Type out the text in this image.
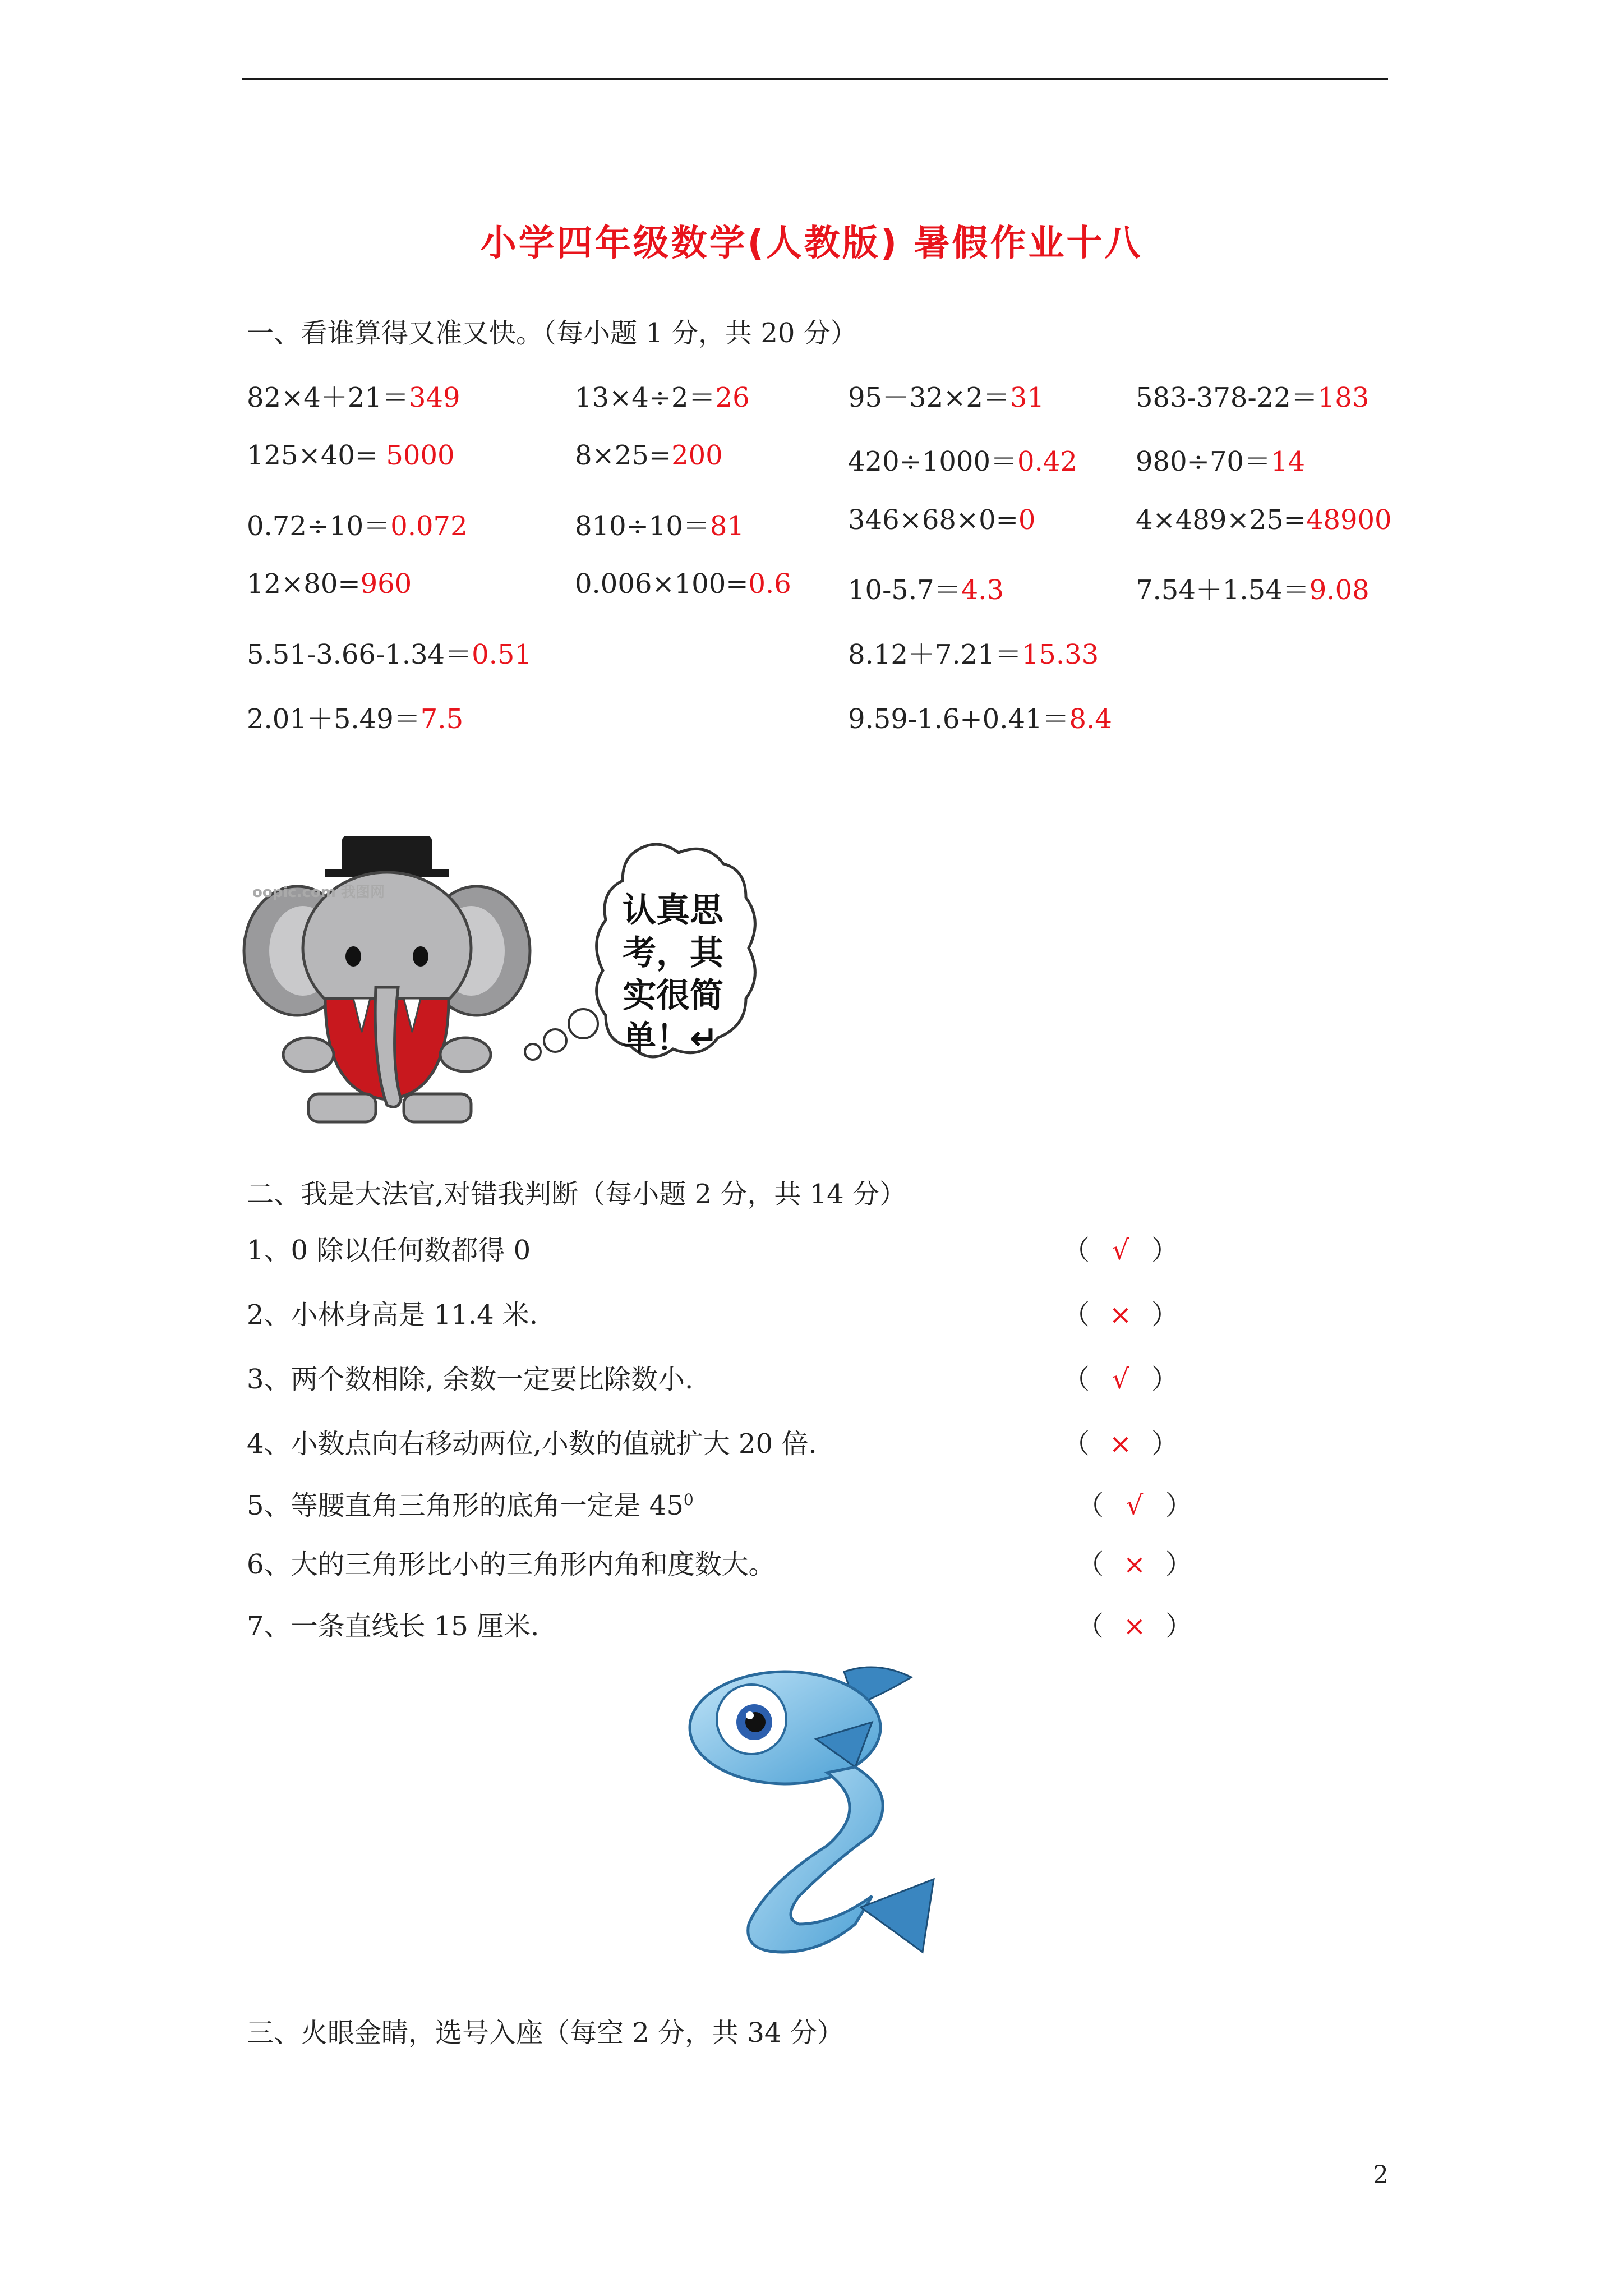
小学四年级数学(人教版) 暑假作业十八
一、看谁算得又准又快。（每小题 1 分，共 20 分）
82×4＋21＝349	13×4÷2＝26	95－32×2＝31	583-378-22＝183
125×40= 5000	8×25=200	420÷1000＝0.42 980÷70＝14
0.72÷10＝0.072	810÷10＝81	346×68×0=0	4×489×25=48900
12×80=960	0.006×100=0.6 10-5.7＝4.3	7.54＋1.54＝9.08
5.51-3.66-1.34＝0.51	8.12＋7.21＝15.33
2.01＋5.49＝7.5	9.59-1.6+0.41＝8.4
oopic.com 我图网	认真思
考，其
实很简
单！↵
二、我是大法官,对错我判断（每小题 2 分，共 14 分）
1、0 除以任何数都得 0	（ √ ）
2、小林身高是 11.4 米.	（ × ）
3、两个数相除, 余数一定要比除数小.	（ √ ）
4、小数点向右移动两位,小数的值就扩大 20 倍.	（ × ）
5、等腰直角三角形的底角一定是 $45^0$	（ √ ）
6、大的三角形比小的三角形内角和度数大。	（ × ）
7、一条直线长 15 厘米.	（ × ）
三、火眼金睛，选号入座（每空 2 分，共 34 分）
2
